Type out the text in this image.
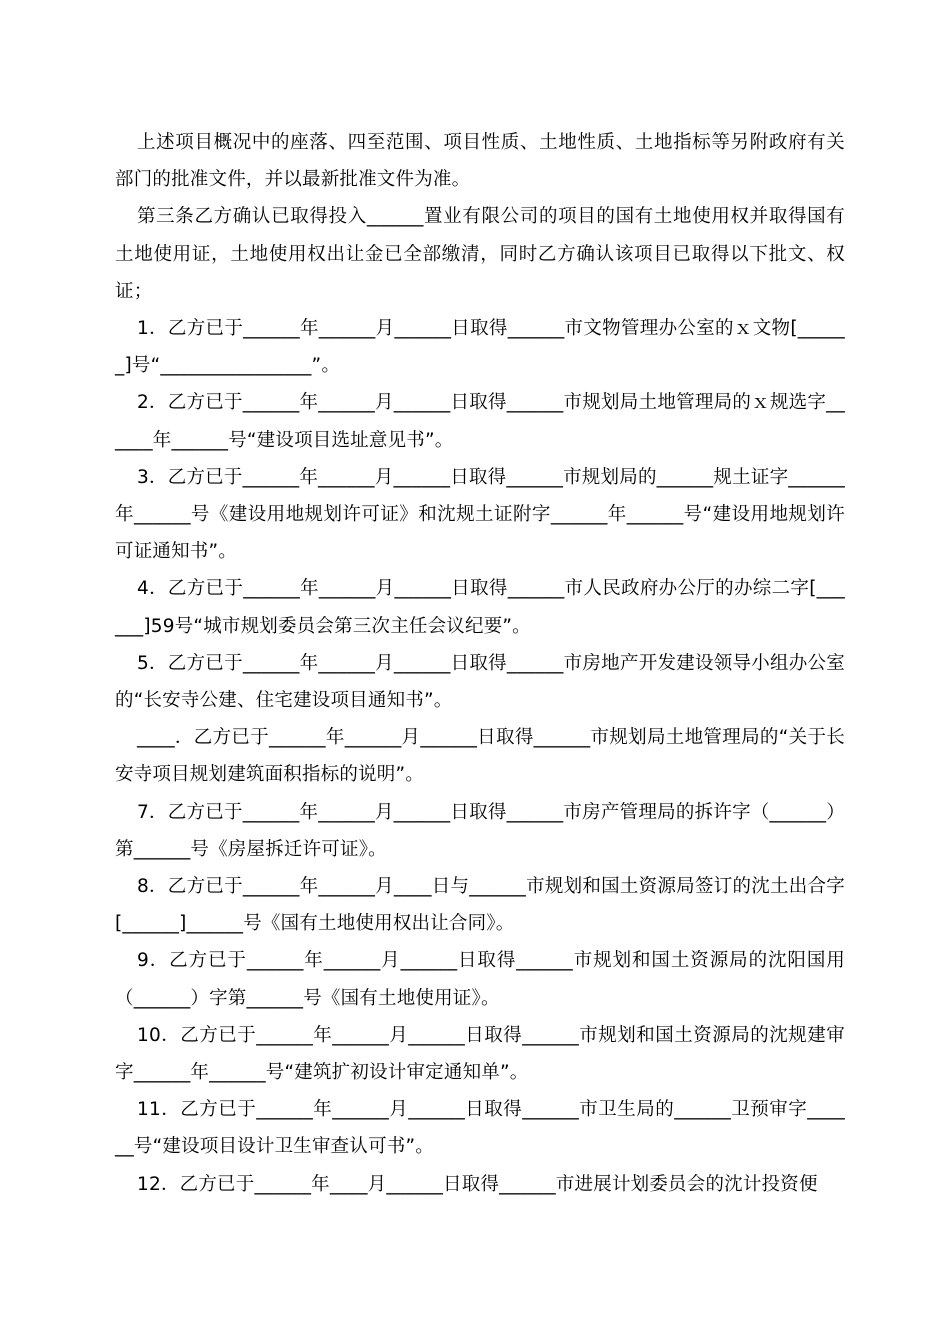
上述项目概况中的座落、四至范围、项目性质、土地性质、土地指标等另附政府有关部门的批准文件，并以最新批准文件为准。

第三条乙方确认已取得投入______置业有限公司的项目的国有土地使用权并取得国有土地使用证，土地使用权出让金已全部缴清，同时乙方确认该项目已取得以下批文、权证；

1．乙方已于______年______月______日取得______市文物管理办公室的ｘ文物[______]号“________________”。

2．乙方已于______年______月______日取得______市规划局土地管理局的ｘ规选字______年______号“建设项目选址意见书”。

3．乙方已于______年______月______日取得______市规划局的______规土证字______年______号《建设用地规划许可证》和沈规土证附字______年______号“建设用地规划许可证通知书”。

4．乙方已于______年______月______日取得______市人民政府办公厅的办综二字[______]59号“城市规划委员会第三次主任会议纪要”。

5．乙方已于______年______月______日取得______市房地产开发建设领导小组办公室的“长安寺公建、住宅建设项目通知书”。

____．乙方已于______年______月______日取得______市规划局土地管理局的“关于长安寺项目规划建筑面积指标的说明”。

7．乙方已于______年______月______日取得______市房产管理局的拆许字（______）第______号《房屋拆迁许可证》。

8．乙方已于______年______月____日与______市规划和国土资源局签订的沈土出合字[______]______号《国有土地使用权出让合同》。

9．乙方已于______年______月______日取得______市规划和国土资源局的沈阳国用（______）字第______号《国有土地使用证》。

10．乙方已于______年______月______日取得______市规划和国土资源局的沈规建审字______年______号“建筑扩初设计审定通知单”。

11．乙方已于______年______月______日取得______市卫生局的______卫预审字______号“建设项目设计卫生审查认可书”。

12．乙方已于______年____月______日取得______市进展计划委员会的沈计投资便
